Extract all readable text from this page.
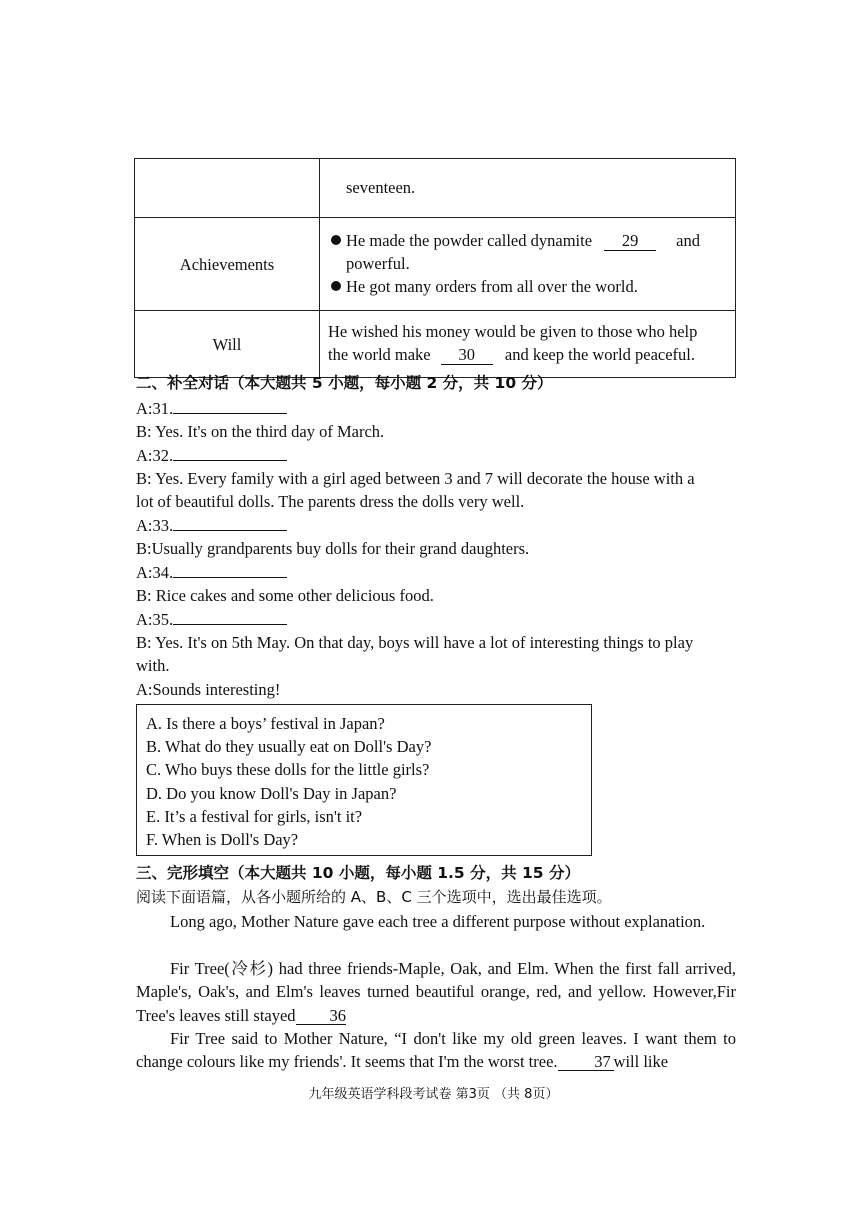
	seventeen.
Achievements	He made the powder called dynamite 29 and
powerful.
He got many orders from all over the world.

Will	He wished his money would be given to those who help
the world make 30 and keep the world peaceful.
二、补全对话（本大题共 5 小题，每小题 2 分，共 10 分）
A:31.
B: Yes. It's on the third day of March.
A:32.
B: Yes. Every family with a girl aged between 3 and 7 will decorate the house with a
lot of beautiful dolls. The parents dress the dolls very well.
A:33.
B:Usually grandparents buy dolls for their grand daughters.
A:34.
B: Rice cakes and some other delicious food.
A:35.
B: Yes. It's on 5th May. On that day, boys will have a lot of interesting things to play
with.
A:Sounds interesting!
A. Is there a boys’ festival in Japan?
B. What do they usually eat on Doll's Day?
C. Who buys these dolls for the little girls?
D. Do you know Doll's Day in Japan?
E. It’s a festival for girls, isn't it?
F. When is Doll's Day?
三、完形填空（本大题共 10 小题，每小题 1.5 分，共 15 分）
阅读下面语篇，从各小题所给的 A、B、C 三个选项中，选出最佳选项。
Long ago, Mother Nature gave each tree a different purpose without explanation.
Fir Tree(冷杉) had three friends-Maple, Oak, and Elm. When the first fall arrived, Maple's, Oak's, and Elm's leaves turned beautiful orange, red, and yellow. However,Fir Tree's leaves still stayed 36
Fir Tree said to Mother Nature, “I don't like my old green leaves. I want them to change colours like my friends'. It seems that I'm the worst tree. 37 will like
九年级英语学科段考试卷 第3页 （共 8页）
